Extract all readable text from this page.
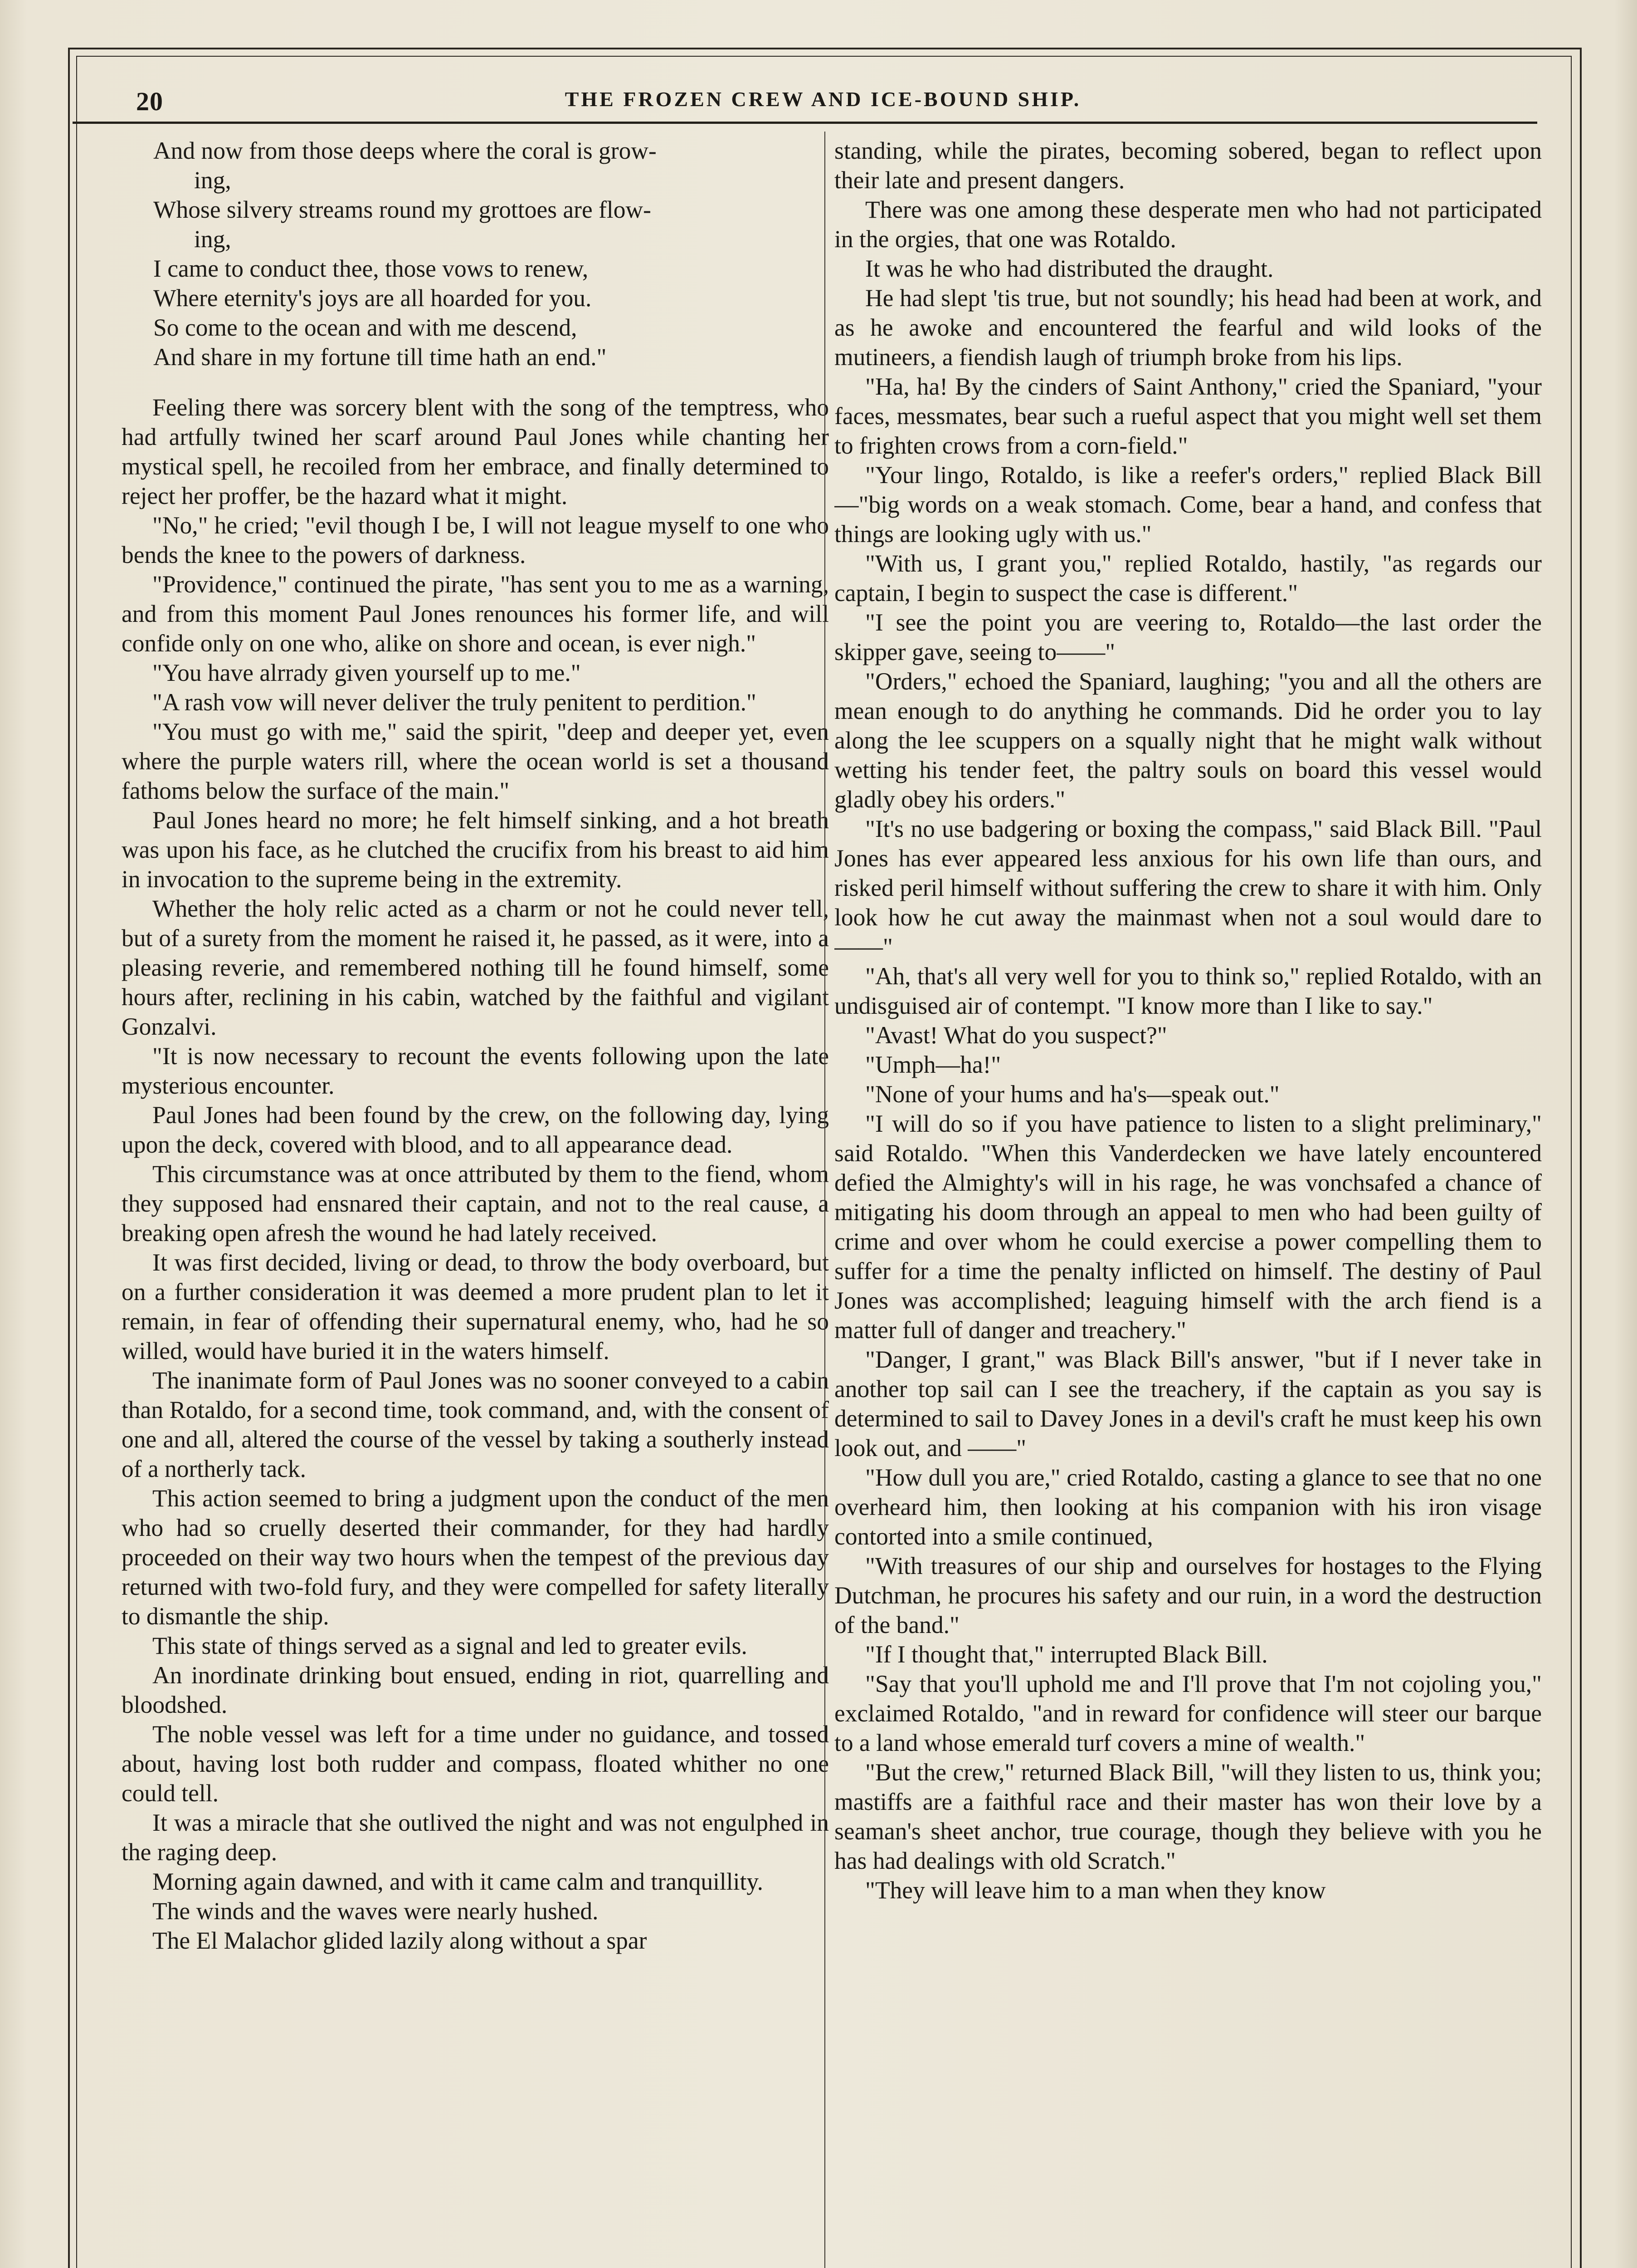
20	THE FROZEN CREW AND ICE-BOUND SHIP.
And now from those deeps where the coral is grow-
ing,
Whose silvery streams round my grottoes are flow-
ing,
I came to conduct thee, those vows to renew,
Where eternity's joys are all hoarded for you.
So come to the ocean and with me descend,
And share in my fortune till time hath an end."

Feeling there was sorcery blent with the song of the temptress, who had artfully twined her scarf around Paul Jones while chanting her mystical spell, he recoiled from her embrace, and finally determined to reject her proffer, be the hazard what it might.

"No," he cried; "evil though I be, I will not league myself to one who bends the knee to the powers of darkness.

"Providence," continued the pirate, "has sent you to me as a warning, and from this moment Paul Jones renounces his former life, and will confide only on one who, alike on shore and ocean, is ever nigh."

"You have alrrady given yourself up to me."

"A rash vow will never deliver the truly penitent to perdition."

"You must go with me," said the spirit, "deep and deeper yet, even where the purple waters rill, where the ocean world is set a thousand fathoms below the surface of the main."

Paul Jones heard no more; he felt himself sinking, and a hot breath was upon his face, as he clutched the crucifix from his breast to aid him in invocation to the supreme being in the extremity.

Whether the holy relic acted as a charm or not he could never tell, but of a surety from the moment he raised it, he passed, as it were, into a pleasing reverie, and remembered nothing till he found himself, some hours after, reclining in his cabin, watched by the faithful and vigilant Gonzalvi.

"It is now necessary to recount the events following upon the late mysterious encounter.

Paul Jones had been found by the crew, on the following day, lying upon the deck, covered with blood, and to all appearance dead.

This circumstance was at once attributed by them to the fiend, whom they supposed had ensnared their captain, and not to the real cause, a breaking open afresh the wound he had lately received.

It was first decided, living or dead, to throw the body overboard, but on a further consideration it was deemed a more prudent plan to let it remain, in fear of offending their supernatural enemy, who, had he so willed, would have buried it in the waters himself.

The inanimate form of Paul Jones was no sooner conveyed to a cabin than Rotaldo, for a second time, took command, and, with the consent of one and all, altered the course of the vessel by taking a southerly instead of a northerly tack.

This action seemed to bring a judgment upon the conduct of the men who had so cruelly deserted their commander, for they had hardly proceeded on their way two hours when the tempest of the previous day returned with two-fold fury, and they were compelled for safety literally to dismantle the ship.

This state of things served as a signal and led to greater evils.

An inordinate drinking bout ensued, ending in riot, quarrelling and bloodshed.

The noble vessel was left for a time under no guidance, and tossed about, having lost both rudder and compass, floated whither no one could tell.

It was a miracle that she outlived the night and was not engulphed in the raging deep.

Morning again dawned, and with it came calm and tranquillity.

The winds and the waves were nearly hushed.

The El Malachor glided lazily along without a spar

standing, while the pirates, becoming sobered, began to reflect upon their late and present dangers.

There was one among these desperate men who had not participated in the orgies, that one was Rotaldo.

It was he who had distributed the draught.

He had slept 'tis true, but not soundly; his head had been at work, and as he awoke and encountered the fearful and wild looks of the mutineers, a fiendish laugh of triumph broke from his lips.

"Ha, ha! By the cinders of Saint Anthony," cried the Spaniard, "your faces, messmates, bear such a rueful aspect that you might well set them to frighten crows from a corn-field."

"Your lingo, Rotaldo, is like a reefer's orders," replied Black Bill—"big words on a weak stomach. Come, bear a hand, and confess that things are looking ugly with us."

"With us, I grant you," replied Rotaldo, hastily, "as regards our captain, I begin to suspect the case is different."

"I see the point you are veering to, Rotaldo—the last order the skipper gave, seeing to——"

"Orders," echoed the Spaniard, laughing; "you and all the others are mean enough to do anything he commands. Did he order you to lay along the lee scuppers on a squally night that he might walk without wetting his tender feet, the paltry souls on board this vessel would gladly obey his orders."

"It's no use badgering or boxing the compass," said Black Bill. "Paul Jones has ever appeared less anxious for his own life than ours, and risked peril himself without suffering the crew to share it with him. Only look how he cut away the mainmast when not a soul would dare to ——"

"Ah, that's all very well for you to think so," replied Rotaldo, with an undisguised air of contempt. "I know more than I like to say."

"Avast! What do you suspect?"

"Umph—ha!"

"None of your hums and ha's—speak out."

"I will do so if you have patience to listen to a slight preliminary," said Rotaldo. "When this Vanderdecken we have lately encountered defied the Almighty's will in his rage, he was vonchsafed a chance of mitigating his doom through an appeal to men who had been guilty of crime and over whom he could exercise a power compelling them to suffer for a time the penalty inflicted on himself. The destiny of Paul Jones was accomplished; leaguing himself with the arch fiend is a matter full of danger and treachery."

"Danger, I grant," was Black Bill's answer, "but if I never take in another top sail can I see the treachery, if the captain as you say is determined to sail to Davey Jones in a devil's craft he must keep his own look out, and ——"

"How dull you are," cried Rotaldo, casting a glance to see that no one overheard him, then looking at his companion with his iron visage contorted into a smile continued,

"With treasures of our ship and ourselves for hostages to the Flying Dutchman, he procures his safety and our ruin, in a word the destruction of the band."

"If I thought that," interrupted Black Bill.

"Say that you'll uphold me and I'll prove that I'm not cojoling you," exclaimed Rotaldo, "and in reward for confidence will steer our barque to a land whose emerald turf covers a mine of wealth."

"But the crew," returned Black Bill, "will they listen to us, think you; mastiffs are a faithful race and their master has won their love by a seaman's sheet anchor, true courage, though they believe with you he has had dealings with old Scratch."

"They will leave him to a man when they know
